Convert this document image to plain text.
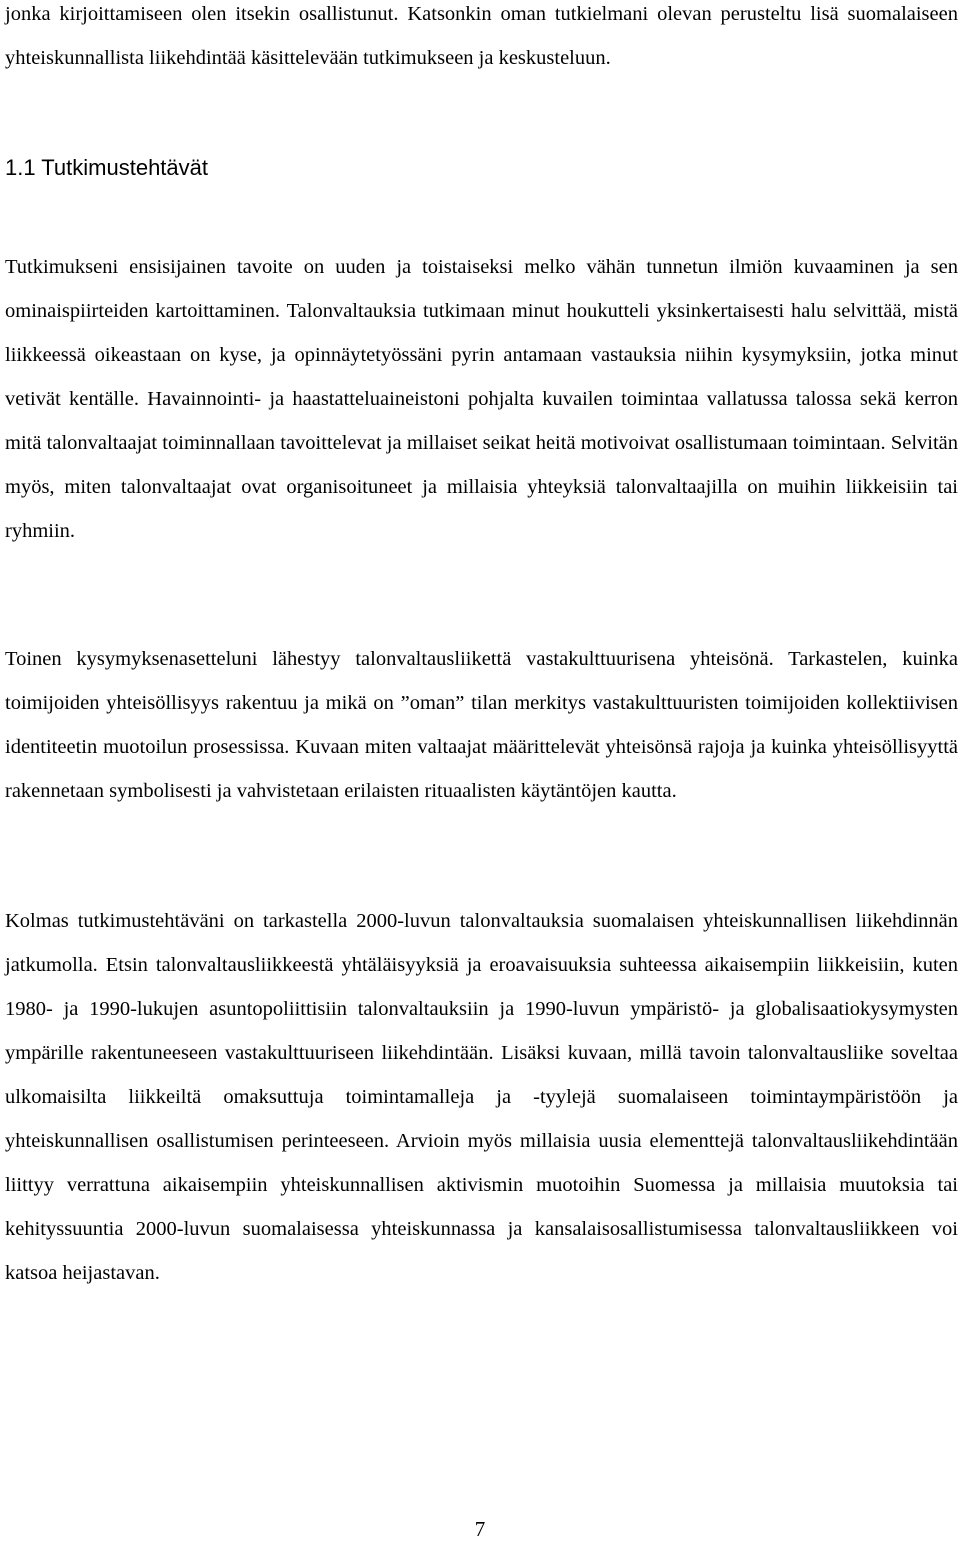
jonka kirjoittamiseen olen itsekin osallistunut. Katsonkin oman tutkielmani olevan perusteltu lisä suomalaiseen yhteiskunnallista liikehdintää käsittelevään tutkimukseen ja keskusteluun.

1.1 Tutkimustehtävät

Tutkimukseni ensisijainen tavoite on uuden ja toistaiseksi melko vähän tunnetun ilmiön kuvaaminen ja sen ominaispiirteiden kartoittaminen. Talonvaltauksia tutkimaan minut houkutteli yksinkertaisesti halu selvittää, mistä liikkeessä oikeastaan on kyse, ja opinnäytetyössäni pyrin antamaan vastauksia niihin kysymyksiin, jotka minut vetivät kentälle. Havainnointi- ja haastatteluaineistoni pohjalta kuvailen toimintaa vallatussa talossa sekä kerron mitä talonvaltaajat toiminnallaan tavoittelevat ja millaiset seikat heitä motivoivat osallistumaan toimintaan. Selvitän myös, miten talonvaltaajat ovat organisoituneet ja millaisia yhteyksiä talonvaltaajilla on muihin liikkeisiin tai ryhmiin.

Toinen kysymyksenasetteluni lähestyy talonvaltausliikettä vastakulttuurisena yhteisönä. Tarkastelen, kuinka toimijoiden yhteisöllisyys rakentuu ja mikä on ”oman” tilan merkitys vastakulttuuristen toimijoiden kollektiivisen identiteetin muotoilun prosessissa. Kuvaan miten valtaajat määrittelevät yhteisönsä rajoja ja kuinka yhteisöllisyyttä rakennetaan symbolisesti ja vahvistetaan erilaisten rituaalisten käytäntöjen kautta.

Kolmas tutkimustehtäväni on tarkastella 2000-luvun talonvaltauksia suomalaisen yhteiskunnallisen liikehdinnän jatkumolla. Etsin talonvaltausliikkeestä yhtäläisyyksiä ja eroavaisuuksia suhteessa aikaisempiin liikkeisiin, kuten 1980- ja 1990-lukujen asuntopoliittisiin talonvaltauksiin ja 1990-luvun ympäristö- ja globalisaatiokysymysten ympärille rakentuneeseen vastakulttuuriseen liikehdintään. Lisäksi kuvaan, millä tavoin talonvaltausliike soveltaa ulkomaisilta liikkeiltä omaksuttuja toimintamalleja ja -tyylejä suomalaiseen toimintaympäristöön ja yhteiskunnallisen osallistumisen perinteeseen. Arvioin myös millaisia uusia elementtejä talonvaltausliikehdintään liittyy verrattuna aikaisempiin yhteiskunnallisen aktivismin muotoihin Suomessa ja millaisia muutoksia tai kehityssuuntia 2000-luvun suomalaisessa yhteiskunnassa ja kansalaisosallistumisessa talonvaltausliikkeen voi katsoa heijastavan.

7
